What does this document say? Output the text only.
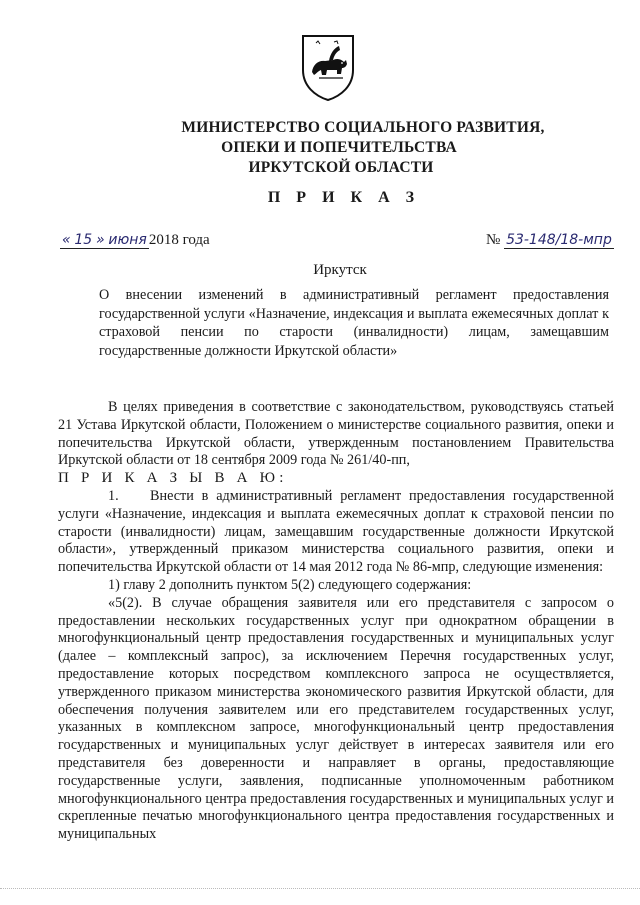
МИНИСТЕРСТВО СОЦИАЛЬНОГО РАЗВИТИЯ,
ОПЕКИ И ПОПЕЧИТЕЛЬСТВА
ИРКУТСКОЙ ОБЛАСТИ
П Р И К А З
« 15 » июня 2018 года	№ 53-148/18-мпр
Иркутск
О внесении изменений в административный регламент предоставления государственной услуги «Назначение, индексация и выплата ежемесячных доплат к страховой пенсии по старости (инвалидности) лицам, замещавшим государственные должности Иркутской области»

В целях приведения в соответствие с законодательством, руководствуясь статьей 21 Устава Иркутской области, Положением о министерстве социального развития, опеки и попечительства Иркутской области, утвержденным постановлением Правительства Иркутской области от 18 сентября 2009 года № 261/40-пп,

П Р И К А З Ы В А Ю:

1.    Внести в административный регламент предоставления государственной услуги «Назначение, индексация и выплата ежемесячных доплат к страховой пенсии по старости (инвалидности) лицам, замещавшим государственные должности Иркутской области», утвержденный приказом министерства социального развития, опеки и попечительства Иркутской области от 14 мая 2012 года № 86-мпр, следующие изменения:

1) главу 2 дополнить пунктом 5(2) следующего содержания:

«5(2). В случае обращения заявителя или его представителя с запросом о предоставлении нескольких государственных услуг при однократном обращении в многофункциональный центр предоставления государственных и муниципальных услуг (далее – комплексный запрос), за исключением Перечня государственных услуг, предоставление которых посредством комплексного запроса не осуществляется, утвержденного приказом министерства экономического развития Иркутской области, для обеспечения получения заявителем или его представителем государственных услуг, указанных в комплексном запросе, многофункциональный центр предоставления государственных и муниципальных услуг действует в интересах заявителя или его представителя без доверенности и направляет в органы, предоставляющие государственные услуги, заявления, подписанные уполномоченным работником многофункционального центра предоставления государственных и муниципальных услуг и скрепленные печатью многофункционального центра предоставления государственных и муниципальных
